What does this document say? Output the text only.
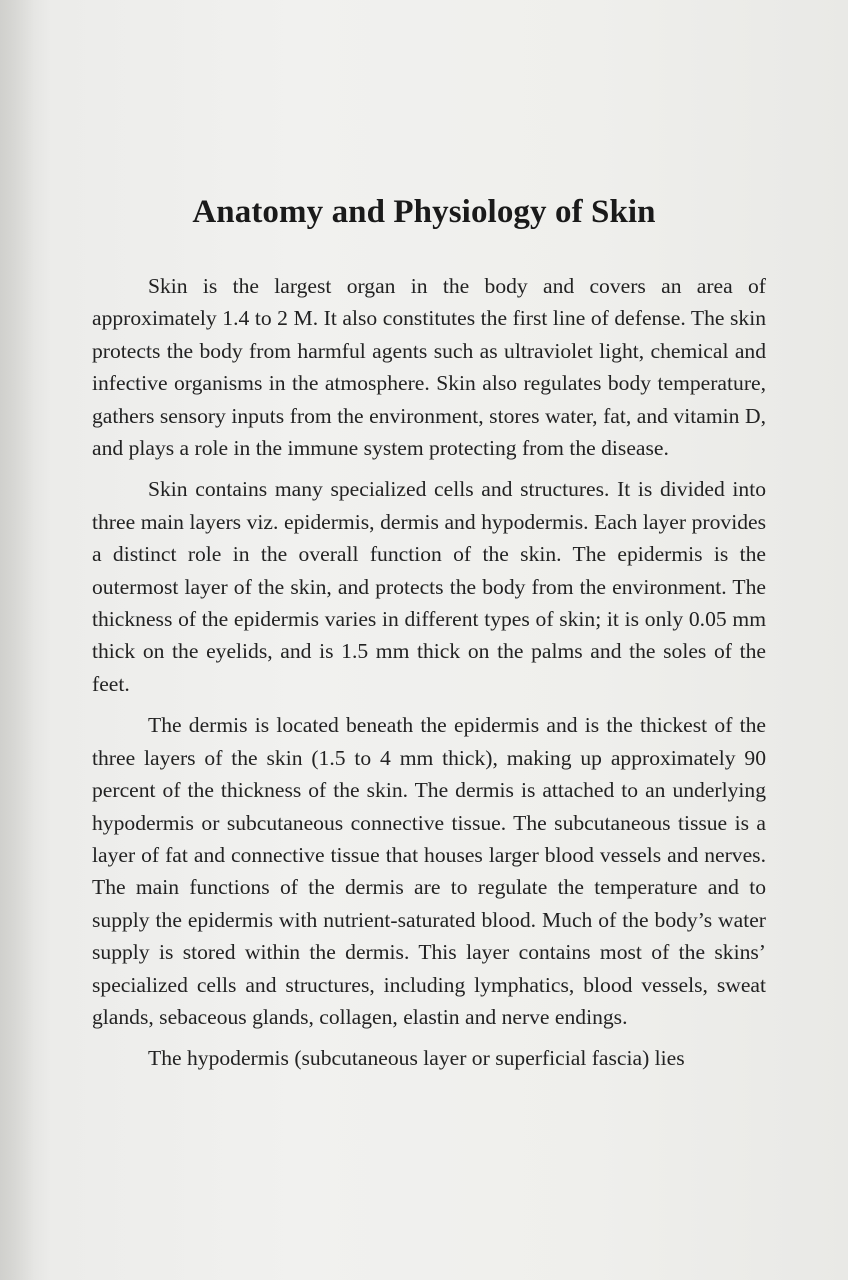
Anatomy and Physiology of Skin

Skin is the largest organ in the body and covers an area of approximately 1.4 to 2 M. It also constitutes the first line of defense. The skin protects the body from harmful agents such as ultraviolet light, chemical and infective organisms in the atmosphere. Skin also regulates body temperature, gathers sensory inputs from the environment, stores water, fat, and vitamin D, and plays a role in the immune system protecting from the disease.

Skin contains many specialized cells and structures. It is divided into three main layers viz. epidermis, dermis and hypodermis. Each layer provides a distinct role in the overall function of the skin. The epidermis is the outermost layer of the skin, and protects the body from the environment. The thickness of the epidermis varies in different types of skin; it is only 0.05 mm thick on the eyelids, and is 1.5 mm thick on the palms and the soles of the feet.

The dermis is located beneath the epidermis and is the thickest of the three layers of the skin (1.5 to 4 mm thick), making up approximately 90 percent of the thickness of the skin. The dermis is attached to an underlying hypodermis or subcutaneous connective tissue. The subcutaneous tissue is a layer of fat and connective tissue that houses larger blood vessels and nerves. The main functions of the dermis are to regulate the temperature and to supply the epidermis with nutrient-saturated blood. Much of the body’s water supply is stored within the dermis. This layer contains most of the skins’ specialized cells and structures, including lymphatics, blood vessels, sweat glands, sebaceous glands, collagen, elastin and nerve endings.

The hypodermis (subcutaneous layer or superficial fascia) lies
